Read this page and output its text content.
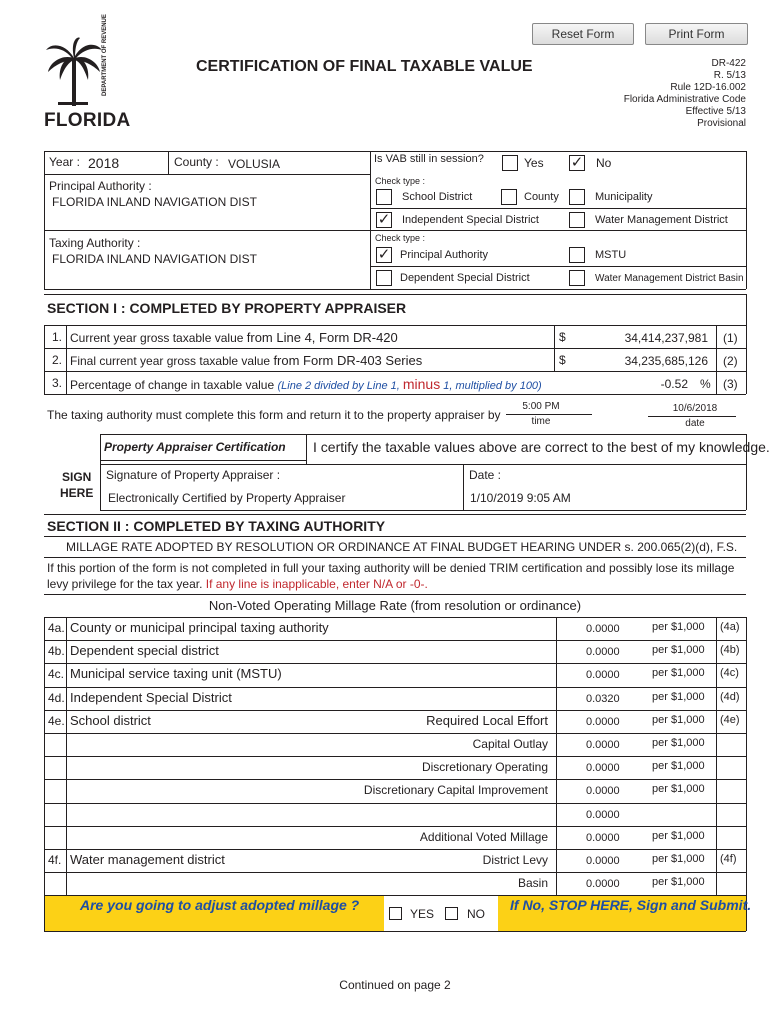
Reset Form	Print Form
FLORIDA
DEPARTMENT OF REVENUE	CERTIFICATION OF FINAL TAXABLE VALUE	DR-422
R. 5/13
Rule 12D-16.002
Florida Administrative Code
Effective 5/13
Provisional
Year : 2018	County : VOLUSIA	Is VAB still in session?	Yes ✓ No
Principal Authority :
FLORIDA INLAND NAVIGATION DIST
Check type :
School District	County	Municipality
✓ Independent Special District	Water Management District
Taxing Authority :
FLORIDA INLAND NAVIGATION DIST
Check type :
✓ Principal Authority	MSTU
Dependent Special District	Water Management District Basin
SECTION I : COMPLETED BY PROPERTY APPRAISER
1. Current year gross taxable value from Line 4, Form DR-420	$	34,414,237,981 (1)
2. Final current year gross taxable value from Form DR-403 Series	$	34,235,685,126 (2)
3. Percentage of change in taxable value (Line 2 divided by Line 1, minus 1, multiplied by 100)	-0.52 % (3)
The taxing authority must complete this form and return it to the property appraiser by
5:00 PM
time
10/6/2018
date
Property Appraiser Certification I certify the taxable values above are correct to the best of my knowledge.
SIGN
HERE
Signature of Property Appraiser :
Electronically Certified by Property Appraiser
Date :
1/10/2019 9:05 AM
SECTION II : COMPLETED BY TAXING AUTHORITY
MILLAGE RATE ADOPTED BY RESOLUTION OR ORDINANCE AT FINAL BUDGET HEARING UNDER s. 200.065(2)(d), F.S.
If this portion of the form is not completed in full your taxing authority will be denied TRIM certification and possibly lose its millage
levy privilege for the tax year. If any line is inapplicable, enter N/A or -0-.
Non-Voted Operating Millage Rate (from resolution or ordinance)
4a. County or municipal principal taxing authority	0.0000	per $1,000 (4a)
4b. Dependent special district	0.0000	per $1,000 (4b)
4c. Municipal service taxing unit (MSTU)	0.0000	per $1,000 (4c)
4d. Independent Special District	0.0320	per $1,000 (4d)
4e. School district	Required Local Effort	0.0000	per $1,000 (4e)
Capital Outlay	0.0000	per $1,000
Discretionary Operating	0.0000	per $1,000
Discretionary Capital Improvement	0.0000	per $1,000
0.0000
Additional Voted Millage	0.0000	per $1,000
4f. Water management district	District Levy	0.0000	per $1,000 (4f)
Basin	0.0000	per $1,000
Are you going to adjust adopted millage ?
YES	NO
If No, STOP HERE, Sign and Submit.
Continued on page 2
